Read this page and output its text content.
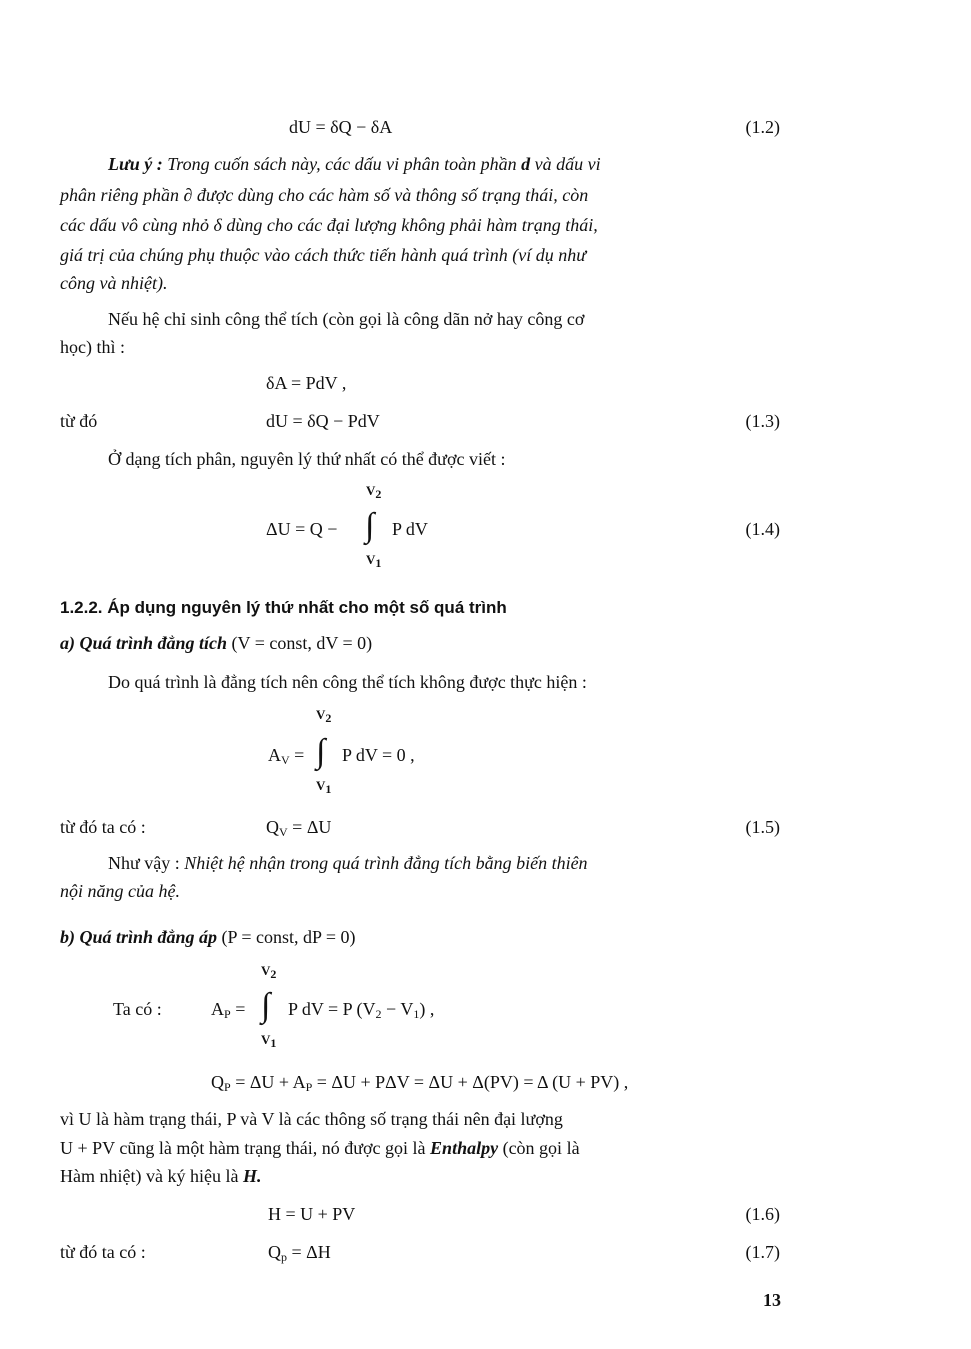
dU = δQ − δA	(1.2)
Lưu ý : Trong cuốn sách này, các dấu vi phân toàn phần d và dấu vi
phân riêng phần ∂ được dùng cho các hàm số và thông số trạng thái, còn
các dấu vô cùng nhỏ δ dùng cho các đại lượng không phải hàm trạng thái,
giá trị của chúng phụ thuộc vào cách thức tiến hành quá trình (ví dụ như
công và nhiệt).
Nếu hệ chỉ sinh công thể tích (còn gọi là công dãn nở hay công cơ
học) thì :
δA = PdV ,
từ đó	dU = δQ − PdV	(1.3)
Ở dạng tích phân, nguyên lý thứ nhất có thể được viết :
$V_2$
ΔU = Q − ∫ P dV
$V_1$
(1.4)
1.2.2. Áp dụng nguyên lý thứ nhất cho một số quá trình
a) Quá trình đẳng tích (V = const, dV = 0)
Do quá trình là đẳng tích nên công thể tích không được thực hiện :
$V_2$
$A_V$ = ∫ P dV = 0 ,
$V_1$
từ đó ta có :	$Q_V = \Delta U$	(1.5)
Như vậy : Nhiệt hệ nhận trong quá trình đẳng tích bằng biến thiên
nội năng của hệ.
b) Quá trình đẳng áp (P = const, dP = 0)
$V_2$
Ta có :	$A_P$ = ∫ P dV = P $(V_2 - V_1)$ ,
$V_1$
$Q_P = \Delta U + A_P = \Delta U + P\Delta V = \Delta U + \Delta(PV) = \Delta$ (U + PV) ,
vì U là hàm trạng thái, P và V là các thông số trạng thái nên đại lượng
U + PV cũng là một hàm trạng thái, nó được gọi là Enthalpy (còn gọi là
Hàm nhiệt) và ký hiệu là H.
H = U + PV	(1.6)
từ đó ta có :	$Q_p = \Delta H$	(1.7)
13
